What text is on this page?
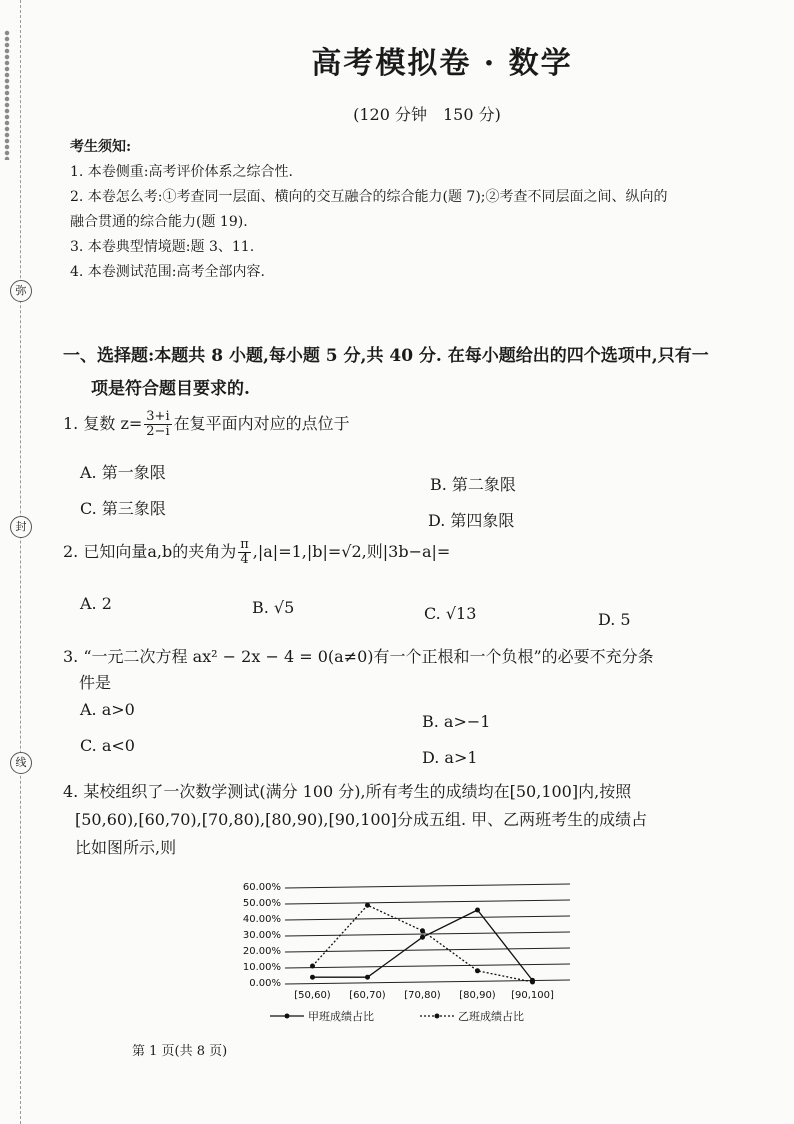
弥
封
线
高考模拟卷 · 数学
(120 分钟　150 分)
考生须知:
1. 本卷侧重:高考评价体系之综合性.
2. 本卷怎么考:①考查同一层面、横向的交互融合的综合能力(题 7);②考查不同层面之间、纵向的
融合贯通的综合能力(题 19).
3. 本卷典型情境题:题 3、11.
4. 本卷测试范围:高考全部内容.
一、选择题:本题共 8 小题,每小题 5 分,共 40 分. 在每小题给出的四个选项中,只有一
项是符合题目要求的.
1. 复数 $z= \frac{3+i}{2-i}$ 在复平面内对应的点位于
A. 第一象限
B. 第二象限
C. 第三象限
D. 第四象限
2. 已知向量a,b的夹角为 $\frac{\pi}{4} ,|a|=1,|b|=√2$,则|3b−a|=
A. 2	B. √5	C. √13	D. 5
3. “一元二次方程 ax² − 2x − 4 = 0(a≠0)有一个正根和一个负根”的必要不充分条
件是
A. a>0
B. a>−1
C. a<0
D. a>1
4. 某校组织了一次数学测试(满分 100 分),所有考生的成绩均在[50,100]内,按照
[50,60),[60,70),[70,80),[80,90),[90,100]分成五组. 甲、乙两班考生的成绩占
比如图所示,则
0.00%
10.00%
20.00%
30.00%
40.00%
50.00%
60.00%
[50,60) [60,70) [70,80) [80,90) [90,100]
甲班成绩占比	乙班成绩占比
第 1 页(共 8 页)
